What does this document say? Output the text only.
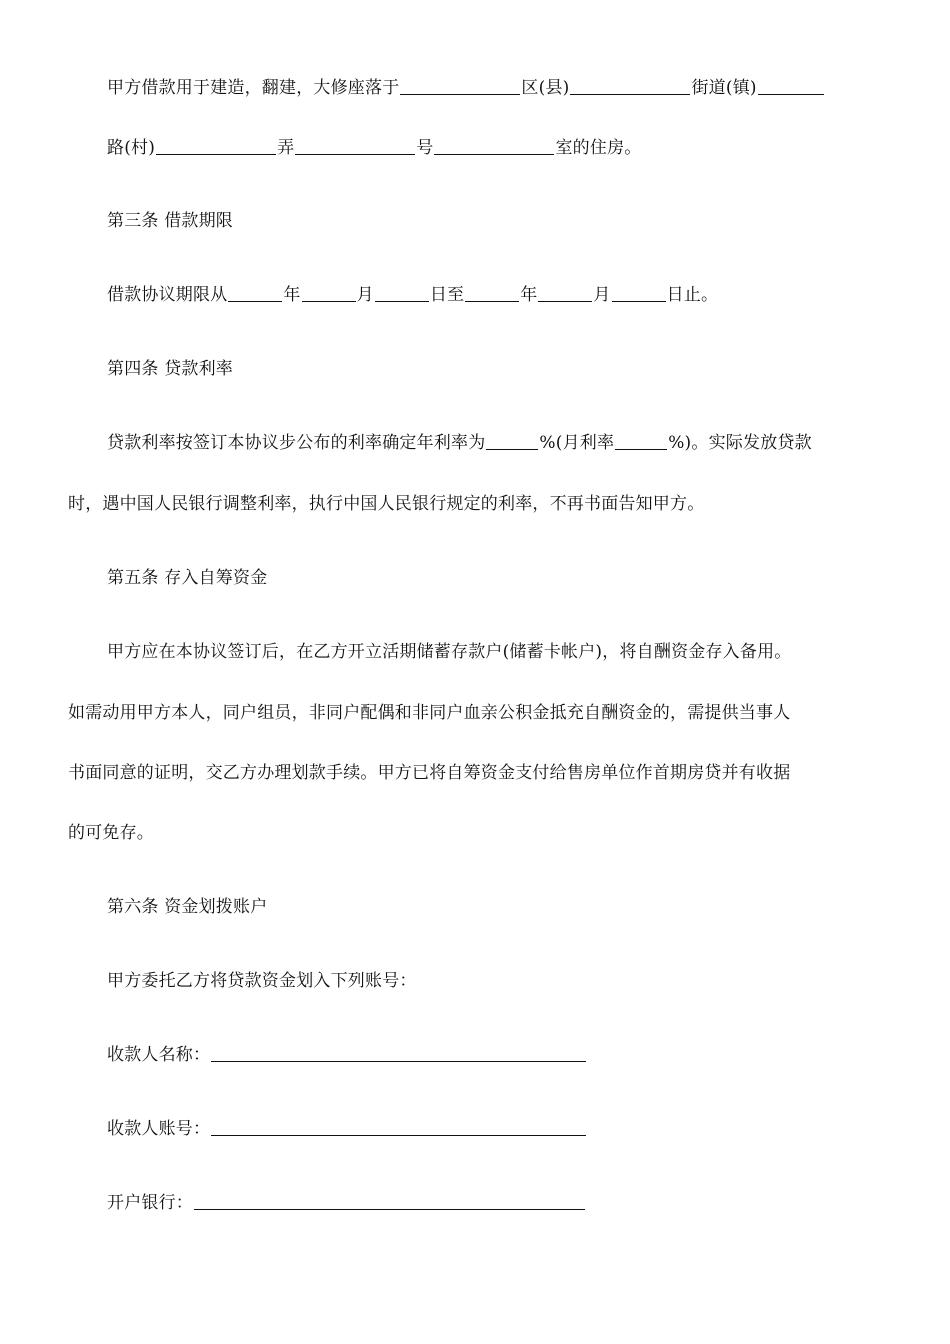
甲方借款用于建造，翻建，大修座落于	区(县)	街道(镇)
路(村)	弄	号	室的住房。
第三条 借款期限
借款协议期限从	年	月	日至	年	月	日止。
第四条 贷款利率
贷款利率按签订本协议步公布的利率确定年利率为	%(月利率	%)。实际发放贷款
时，遇中国人民银行调整利率，执行中国人民银行规定的利率，不再书面告知甲方。
第五条 存入自筹资金
甲方应在本协议签订后，在乙方开立活期储蓄存款户(储蓄卡帐户)，将自酬资金存入备用。
如需动用甲方本人，同户组员，非同户配偶和非同户血亲公积金抵充自酬资金的，需提供当事人
书面同意的证明，交乙方办理划款手续。甲方已将自筹资金支付给售房单位作首期房贷并有收据
的可免存。
第六条 资金划拨账户
甲方委托乙方将贷款资金划入下列账号：
收款人名称：
收款人账号：
开户银行：
